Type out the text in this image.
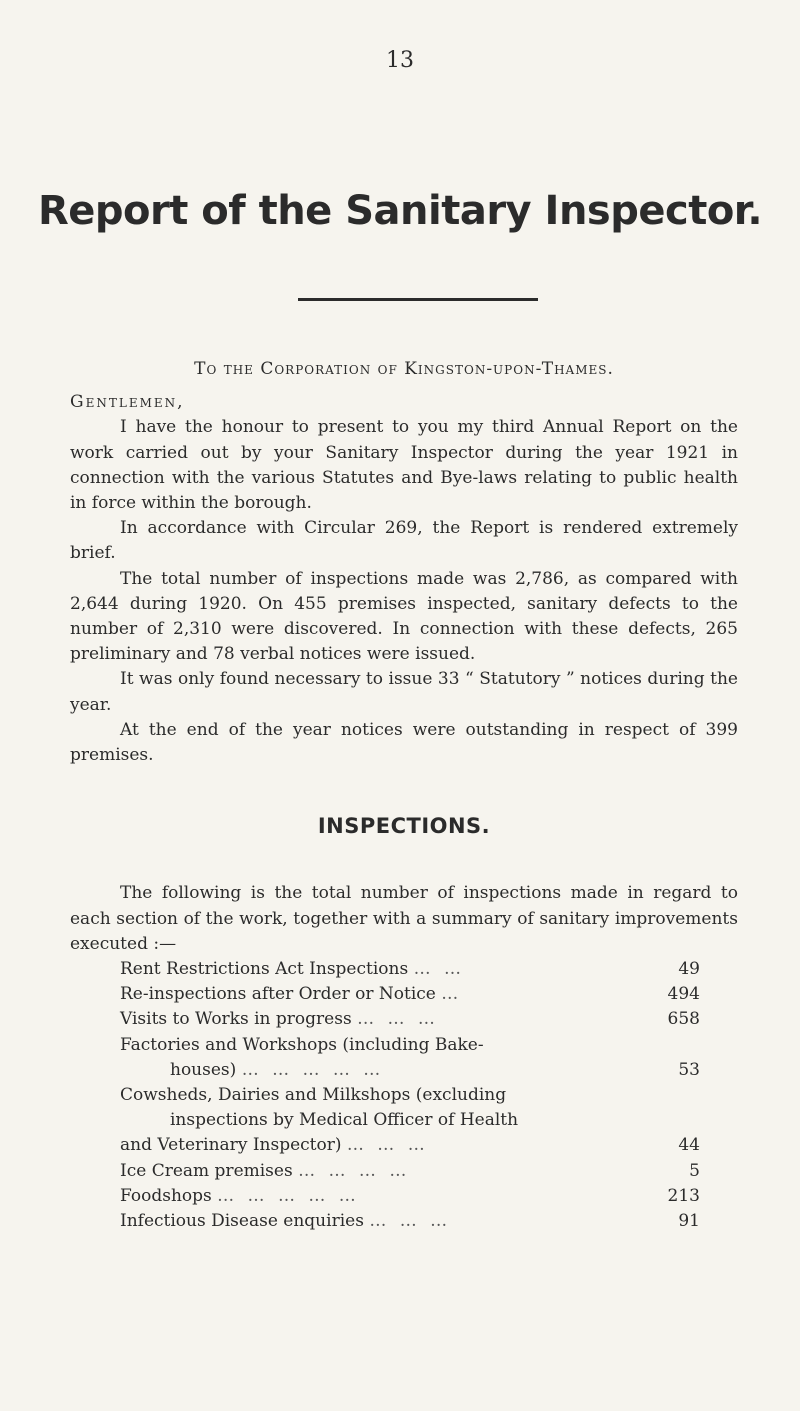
13
Report of the Sanitary Inspector.

To the Corporation of Kingston-upon-Thames.

Gentlemen,

I have the honour to present to you my third Annual Report on the work carried out by your Sanitary Inspector during the year 1921 in connection with the various Statutes and Bye-laws relating to public health in force within the borough.

In accordance with Circular 269, the Report is rendered extremely brief.

The total number of inspections made was 2,786, as compared with 2,644 during 1920. On 455 premises inspected, sanitary defects to the number of 2,310 were discovered. In connection with these defects, 265 preliminary and 78 verbal notices were issued.

It was only found necessary to issue 33 “ Statutory ” notices during the year.

At the end of the year notices were outstanding in respect of 399 premises.

INSPECTIONS.

The following is the total number of inspections made in regard to each section of the work, together with a summary of sanitary improvements executed :—

Rent Restrictions Act Inspections … …	49
Re-inspections after Order or Notice …	494
Visits to Works in progress … … …	658
Factories and Workshops (including Bake-
houses) … … … … …	53
Cowsheds, Dairies and Milkshops (excluding
inspections by Medical Officer of Health
and Veterinary Inspector) … … …	44
Ice Cream premises … … … …	5
Foodshops … … … … …	213
Infectious Disease enquiries … … …	91
